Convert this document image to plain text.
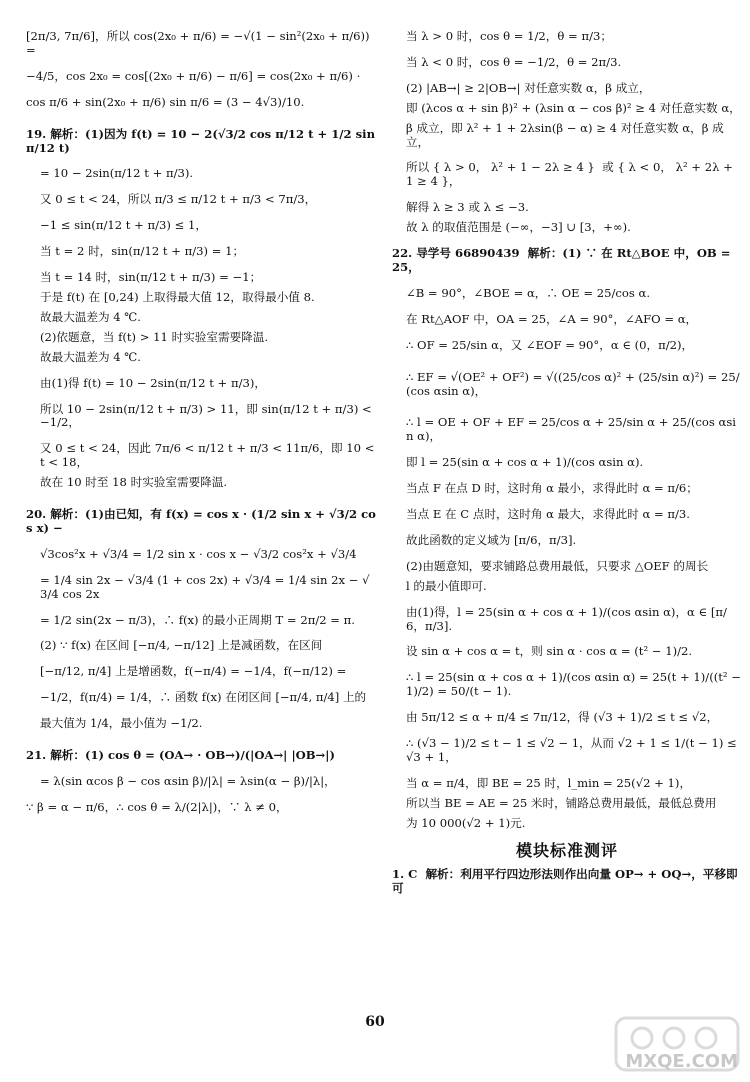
[2π/3, 7π/6]，所以 cos(2x₀ + π/6) = −√(1 − sin²(2x₀ + π/6)) =

−4/5，cos 2x₀ = cos[(2x₀ + π/6) − π/6] = cos(2x₀ + π/6) ·

cos π/6 + sin(2x₀ + π/6) sin π/6 = (3 − 4√3)/10.

19. 解析：(1)因为 f(t) = 10 − 2(√3/2 cos π/12 t + 1/2 sin π/12 t)

= 10 − 2sin(π/12 t + π/3).

又 0 ≤ t < 24，所以 π/3 ≤ π/12 t + π/3 < 7π/3，

−1 ≤ sin(π/12 t + π/3) ≤ 1，

当 t = 2 时，sin(π/12 t + π/3) = 1；

当 t = 14 时，sin(π/12 t + π/3) = −1；

于是 f(t) 在 [0,24) 上取得最大值 12，取得最小值 8.

故最大温差为 4 ℃.

(2)依题意，当 f(t) > 11 时实验室需要降温.

故最大温差为 4 ℃.

由(1)得 f(t) = 10 − 2sin(π/12 t + π/3)，

所以 10 − 2sin(π/12 t + π/3) > 11，即 sin(π/12 t + π/3) < −1/2，

又 0 ≤ t < 24，因此 7π/6 < π/12 t + π/3 < 11π/6，即 10 < t < 18，

故在 10 时至 18 时实验室需要降温.

20. 解析：(1)由已知，有 f(x) = cos x · (1/2 sin x + √3/2 cos x) −

√3cos²x + √3/4 = 1/2 sin x · cos x − √3/2 cos²x + √3/4

= 1/4 sin 2x − √3/4 (1 + cos 2x) + √3/4 = 1/4 sin 2x − √3/4 cos 2x

= 1/2 sin(2x − π/3)，∴ f(x) 的最小正周期 T = 2π/2 = π.

(2) ∵ f(x) 在区间 [−π/4, −π/12] 上是减函数，在区间

[−π/12, π/4] 上是增函数，f(−π/4) = −1/4，f(−π/12) =

−1/2，f(π/4) = 1/4，∴ 函数 f(x) 在闭区间 [−π/4, π/4] 上的

最大值为 1/4，最小值为 −1/2.

21. 解析：(1) cos θ = (OA→ · OB→)/(|OA→| |OB→|)

= λ(sin αcos β − cos αsin β)/|λ| = λsin(α − β)/|λ|，

∵ β = α − π/6，∴ cos θ = λ/(2|λ|)，∵ λ ≠ 0，

当 λ > 0 时，cos θ = 1/2，θ = π/3；

当 λ < 0 时，cos θ = −1/2，θ = 2π/3.

(2) |AB→| ≥ 2|OB→| 对任意实数 α，β 成立，

即 (λcos α + sin β)² + (λsin α − cos β)² ≥ 4 对任意实数 α，

β 成立，即 λ² + 1 + 2λsin(β − α) ≥ 4 对任意实数 α，β 成立，

所以 { λ > 0， λ² + 1 − 2λ ≥ 4 }  或 { λ < 0， λ² + 2λ + 1 ≥ 4 }，

解得 λ ≥ 3 或 λ ≤ −3.

故 λ 的取值范围是 (−∞，−3] ∪ [3，+∞).

22. 导学号 66890439  解析：(1) ∵ 在 Rt△BOE 中，OB = 25，

∠B = 90°，∠BOE = α，∴ OE = 25/cos α.

在 Rt△AOF 中，OA = 25，∠A = 90°，∠AFO = α，

∴ OF = 25/sin α，又 ∠EOF = 90°，α ∈ (0，π/2)，

∴ EF = √(OE² + OF²) = √((25/cos α)² + (25/sin α)²) = 25/(cos αsin α)，

∴ l = OE + OF + EF = 25/cos α + 25/sin α + 25/(cos αsin α)，

即 l = 25(sin α + cos α + 1)/(cos αsin α).

当点 F 在点 D 时，这时角 α 最小，求得此时 α = π/6；

当点 E 在 C 点时，这时角 α 最大，求得此时 α = π/3.

故此函数的定义域为 [π/6，π/3].

(2)由题意知，要求铺路总费用最低，只要求 △OEF 的周长

l 的最小值即可.

由(1)得，l = 25(sin α + cos α + 1)/(cos αsin α)，α ∈ [π/6，π/3].

设 sin α + cos α = t，则 sin α · cos α = (t² − 1)/2.

∴ l = 25(sin α + cos α + 1)/(cos αsin α) = 25(t + 1)/((t² − 1)/2) = 50/(t − 1).

由 5π/12 ≤ α + π/4 ≤ 7π/12，得 (√3 + 1)/2 ≤ t ≤ √2，

∴ (√3 − 1)/2 ≤ t − 1 ≤ √2 − 1，从而 √2 + 1 ≤ 1/(t − 1) ≤ √3 + 1，

当 α = π/4，即 BE = 25 时，l_min = 25(√2 + 1)，

所以当 BE = AE = 25 米时，铺路总费用最低，最低总费用

为 10 000(√2 + 1)元.

模块标准测评

1. C  解析：利用平行四边形法则作出向量 OP→ + OQ→，平移即可

60
MXQE.COM
